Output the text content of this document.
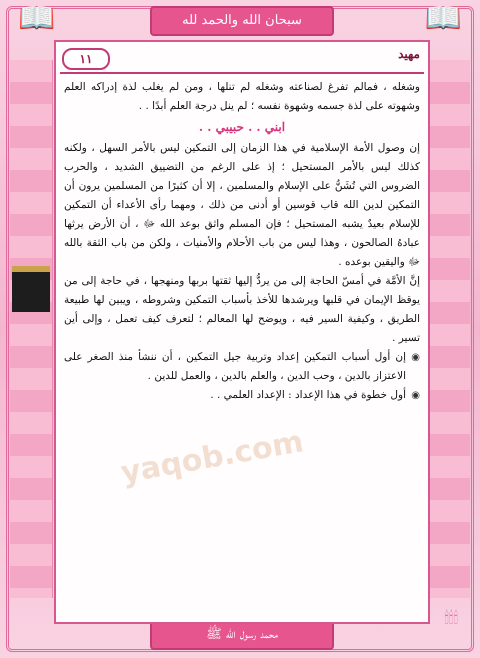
📖	📖
سبحان الله والحمد لله
محمد رسول الله ﷺ
🕯🕯🕯
١١	مهيد

وشغله ، فمالم تفرغ لصناعته وشغله لم تنلها ، ومن لم يغلب لذة إدراكه العلم وشهوته على لذة جسمه وشهوة نفسه ؛ لم ينل درجة العلم أبدًا . .

ابني . . حبيبي . .

إن وصول الأمة الإسلامية في هذا الزمان إلى التمكين ليس بالأمر السهل ، ولكنه كذلك ليس بالأمر المستحيل ؛ إذ على الرغم من التضييق الشديد ، والحرب الضروس التي تُشَنُّ على الإسلام والمسلمين ، إلا أن كثيرًا من المسلمين يرون أن التمكين لدين الله قاب قوسين أو أدنى من ذلك ، ومهما رأى الأعداء أن التمكين للإسلام بعيدٌ يشبه المستحيل ؛ فإن المسلم واثق بوعد الله ﷻ ، أن الأرض يرثها عبادهُ الصالحون ، وهذا ليس من باب الأحلام والأمنيات ، ولكن من باب الثقة بالله ﷻ واليقين بوعده .

إنَّ الأمَّة في أمسّ الحاجة إلى من يردُّ إليها ثقتها بربها ومنهجها ، في حاجة إلى من يوقظ الإيمان في قلبها ويرشدها للأخذ بأسباب التمكين وشروطه ، ويبين لها طبيعة الطريق ، وكيفية السير فيه ، ويوضح لها المعالم ؛ لتعرف كيف تعمل ، وإلى أين تسير .

◉ إن أول أسباب التمكين إعداد وتربية جيل التمكين ، أن ننشأ منذ الصغر على الاعتزاز بالدين ، وحب الدين ، والعلم بالدين ، والعمل للدين .

◉ أول خطوة في هذا الإعداد : الإعداد العلمي . .

yaqob.com
